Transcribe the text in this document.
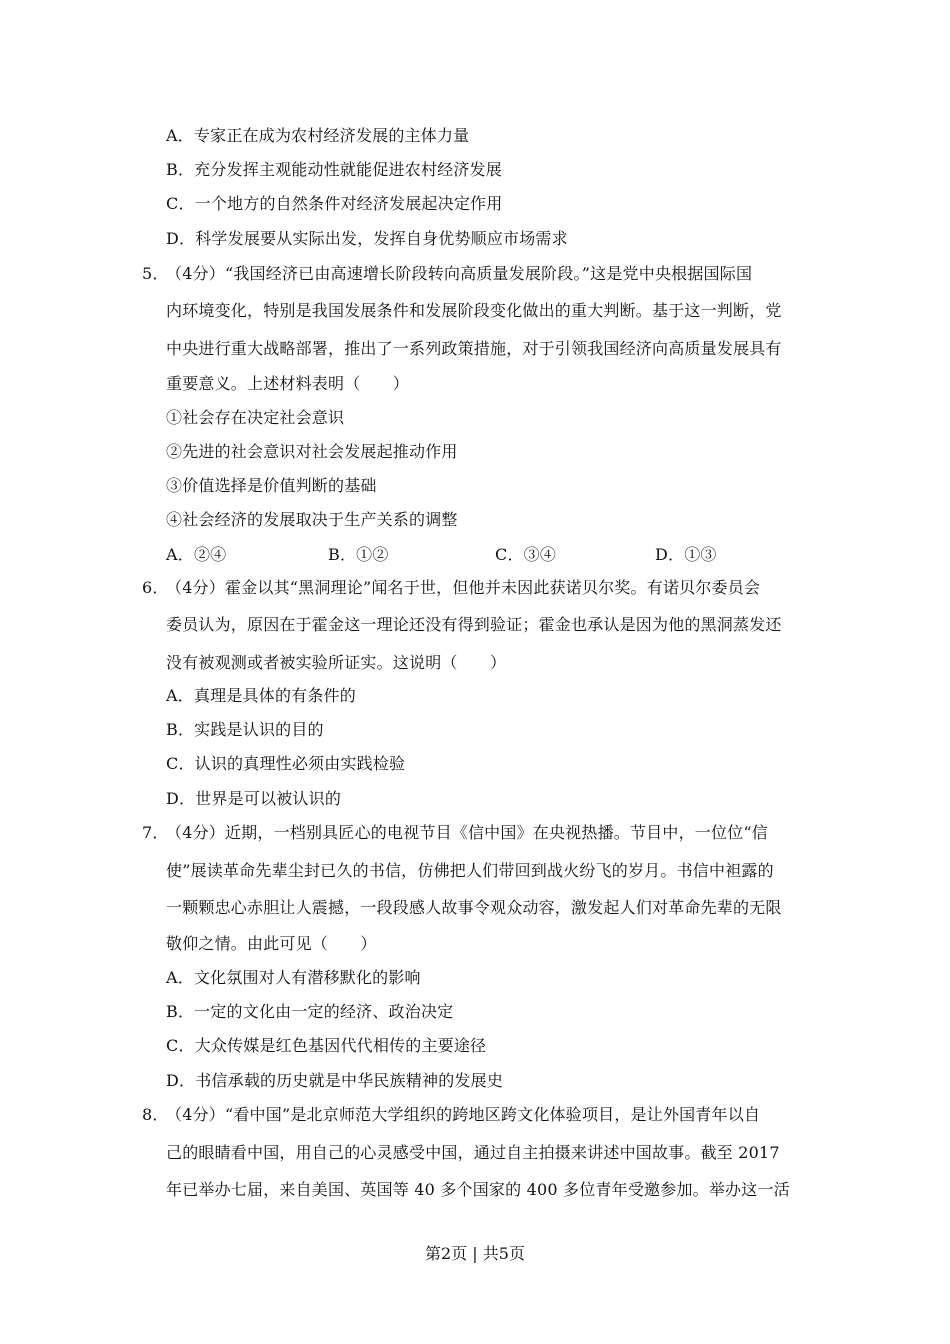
A．专家正在成为农村经济发展的主体力量
B．充分发挥主观能动性就能促进农村经济发展
C．一个地方的自然条件对经济发展起决定作用
D．科学发展要从实际出发，发挥自身优势顺应市场需求
5．
（4分）“我国经济已由高速增长阶段转向高质量发展阶段。”这是党中央根据国际国
内环境变化，特别是我国发展条件和发展阶段变化做出的重大判断。基于这一判断，党
中央进行重大战略部署，推出了一系列政策措施，对于引领我国经济向高质量发展具有
重要意义。上述材料表明（　　）
①社会存在决定社会意识
②先进的社会意识对社会发展起推动作用
③价值选择是价值判断的基础
④社会经济的发展取决于生产关系的调整
A．②④	B．①②	C．③④	D．①③
6．
（4分）霍金以其“黑洞理论”闻名于世，但他并未因此获诺贝尔奖。有诺贝尔委员会
委员认为，原因在于霍金这一理论还没有得到验证；霍金也承认是因为他的黑洞蒸发还
没有被观测或者被实验所证实。这说明（　　）
A．真理是具体的有条件的
B．实践是认识的目的
C．认识的真理性必须由实践检验
D．世界是可以被认识的
7．
（4分）近期，一档别具匠心的电视节目《信中国》在央视热播。节目中，一位位“信
使”展读革命先辈尘封已久的书信，仿佛把人们带回到战火纷飞的岁月。书信中袒露的
一颗颗忠心赤胆让人震撼，一段段感人故事令观众动容，激发起人们对革命先辈的无限
敬仰之情。由此可见（　　）
A．文化氛围对人有潜移默化的影响
B．一定的文化由一定的经济、政治决定
C．大众传媒是红色基因代代相传的主要途径
D．书信承载的历史就是中华民族精神的发展史
8．
（4分）“看中国”是北京师范大学组织的跨地区跨文化体验项目，是让外国青年以自
己的眼睛看中国，用自己的心灵感受中国，通过自主拍摄来讲述中国故事。截至 2017
年已举办七届，来自美国、英国等 40 多个国家的 400 多位青年受邀参加。举办这一活
第2页 | 共5页
